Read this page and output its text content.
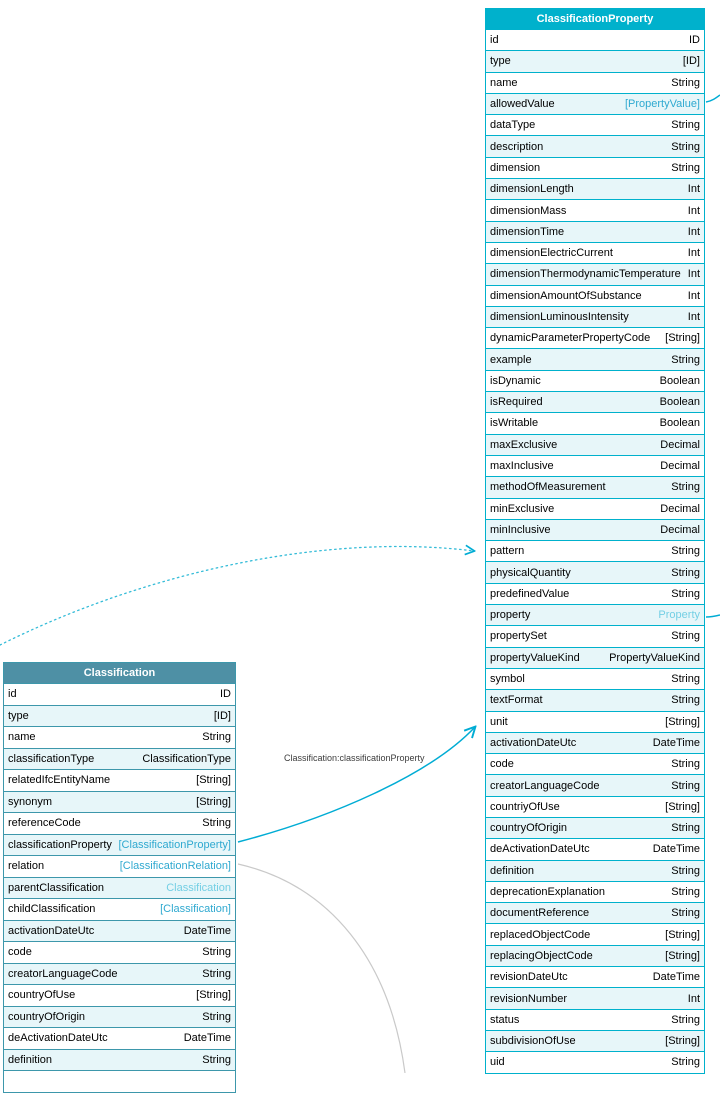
Classification:classificationProperty
ClassificationProperty
id	ID
type	[ID]
name	String
allowedValue	[PropertyValue]
dataType	String
description	String
dimension	String
dimensionLength	Int
dimensionMass	Int
dimensionTime	Int
dimensionElectricCurrent	Int
dimensionThermodynamicTemperature Int
dimensionAmountOfSubstance	Int
dimensionLuminousIntensity	Int
dynamicParameterPropertyCode [String]
example	String
isDynamic	Boolean
isRequired	Boolean
isWritable	Boolean
maxExclusive	Decimal
maxInclusive	Decimal
methodOfMeasurement	String
minExclusive	Decimal
minInclusive	Decimal
pattern	String
physicalQuantity	String
predefinedValue	String
property	Property
propertySet	String
propertyValueKind	PropertyValueKind
symbol	String
textFormat	String
unit	[String]
activationDateUtc	DateTime
code	String
creatorLanguageCode	String
countriyOfUse	[String]
countryOfOrigin	String
deActivationDateUtc	DateTime
definition	String
deprecationExplanation	String
documentReference	String
replacedObjectCode	[String]
replacingObjectCode	[String]
revisionDateUtc	DateTime
revisionNumber	Int
status	String
subdivisionOfUse	[String]
uid	String
Classification
id	ID
type	[ID]
name	String
classificationType	ClassificationType
relatedIfcEntityName	[String]
synonym	[String]
referenceCode	String
classificationProperty [ClassificationProperty]
relation	[ClassificationRelation]
parentClassification	Classification
childClassification	[Classification]
activationDateUtc	DateTime
code	String
creatorLanguageCode	String
countryOfUse	[String]
countryOfOrigin	String
deActivationDateUtc	DateTime
definition	String
